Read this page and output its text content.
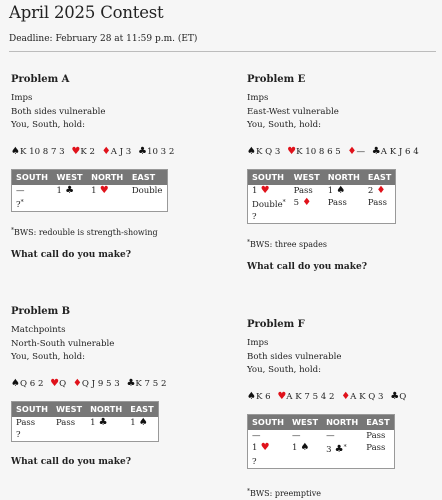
April 2025 Contest
Deadline: February 28 at 11:59 p.m. (ET)
Problem A
Imps
Both sides vulnerable
You, South, hold:
♠K 10 8 7 3 ♥K 2 ♦A J 3 ♣10 3 2
SOUTH	WEST	NORTH	EAST
—	1 ♣	1 ♥	Double
?*			
*BWS: redouble is strength-showing
What call do you make?
Problem B
Matchpoints
North-South vulnerable
You, South, hold:
♠Q 6 2 ♥Q ♦Q J 9 5 3 ♣K 7 5 2
SOUTH	WEST	NORTH	EAST
Pass	Pass	1 ♣	1 ♠
?			
What call do you make?
Problem E
Imps
East-West vulnerable
You, South, hold:
♠K Q 3 ♥K 10 8 6 5 ♦— ♣A K J 6 4
SOUTH	WEST	NORTH	EAST
1 ♥	Pass	1 ♠	2 ♦
Double*	5 ♦	Pass	Pass
?			
*BWS: three spades
What call do you make?
Problem F
Imps
Both sides vulnerable
You, South, hold:
♠K 6 ♥A K 7 5 4 2 ♦A K Q 3 ♣Q
SOUTH	WEST	NORTH	EAST
—	—	—	Pass
1 ♥	1 ♠	3 ♣*	Pass
?			
*BWS: preemptive
